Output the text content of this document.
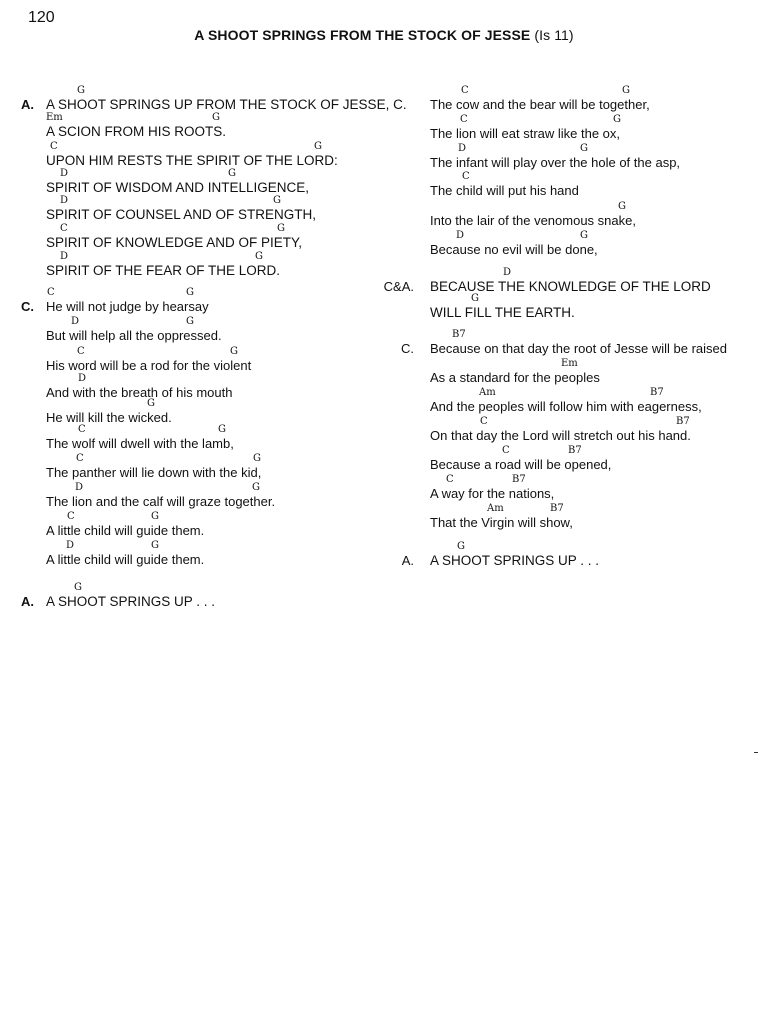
120
A SHOOT SPRINGS FROM THE STOCK OF JESSE (Is 11)
A.
G
A SHOOT SPRINGS UP FROM THE STOCK OF JESSE, C.
Em	G
A SCION FROM HIS ROOTS.
C	G
UPON HIM RESTS THE SPIRIT OF THE LORD:
D	G
SPIRIT OF WISDOM AND INTELLIGENCE,
D	G
SPIRIT OF COUNSEL AND OF STRENGTH,
C	G
SPIRIT OF KNOWLEDGE AND OF PIETY,
D	G
SPIRIT OF THE FEAR OF THE LORD.
C.
C	G
He will not judge by hearsay
D	G
But will help all the oppressed.
C	G
His word will be a rod for the violent
D
And with the breath of his mouth
G
He will kill the wicked.
C	G
The wolf will dwell with the lamb,
C	G
The panther will lie down with the kid,
D	G
The lion and the calf will graze together.
C	G
A little child will guide them.
D	G
A little child will guide them.
A.
G
A SHOOT SPRINGS UP . . .
C	G
The cow and the bear will be together,
C	G
The lion will eat straw like the ox,
D	G
The infant will play over the hole of the asp,
C
The child will put his hand
G
Into the lair of the venomous snake,
D	G
Because no evil will be done,
C&A.
D
BECAUSE THE KNOWLEDGE OF THE LORD
G
WILL FILL THE EARTH.
C.
B7
Because on that day the root of Jesse will be raised
Em
As a standard for the peoples
Am	B7
And the peoples will follow him with eagerness,
C	B7
On that day the Lord will stretch out his hand.
C	B7
Because a road will be opened,
C	B7
A way for the nations,
Am	B7
That the Virgin will show,
A.
G
A SHOOT SPRINGS UP . . .
